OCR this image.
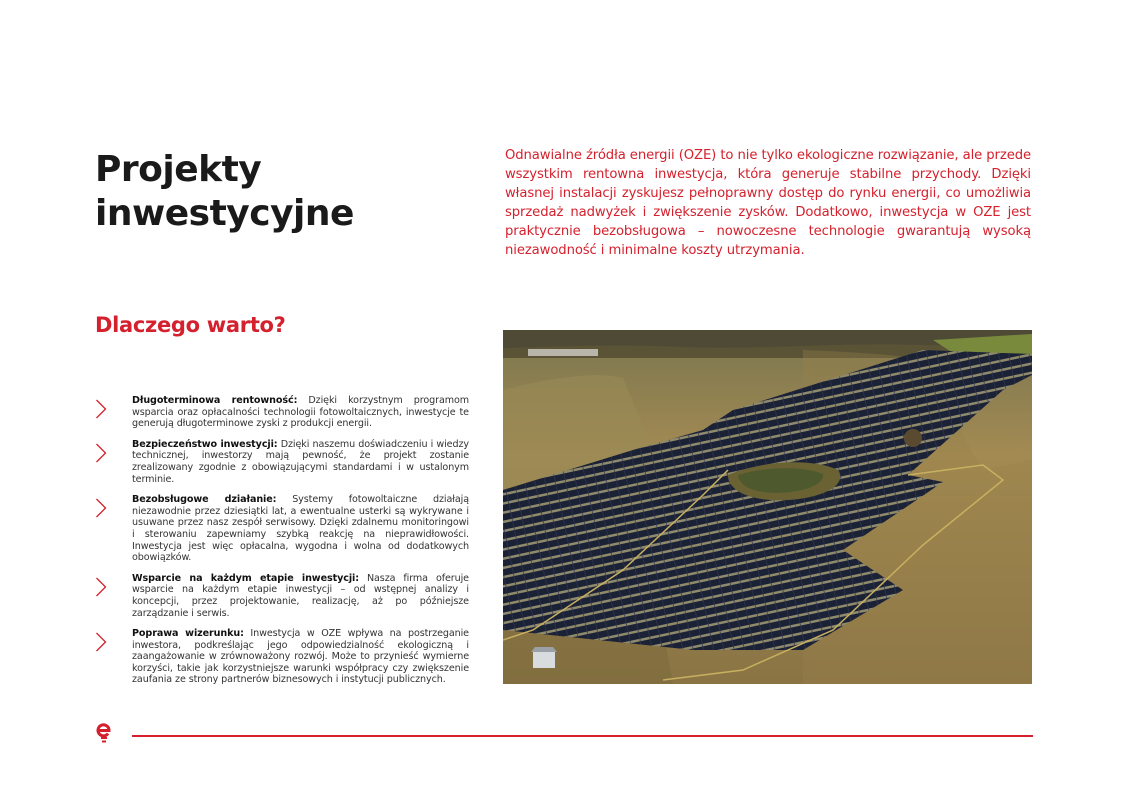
Projekty
inwestycyjne

Odnawialne źródła energii (OZE) to nie tylko ekologiczne rozwiązanie, ale przede wszystkim rentowna inwestycja, która generuje stabilne przychody. Dzięki własnej instalacji zyskujesz pełnoprawny dostęp do rynku energii, co umożliwia sprzedaż nadwyżek i zwiększenie zysków. Dodatkowo, inwestycja w OZE jest praktycznie bezobsługowa – nowoczesne technologie gwarantują wysoką niezawodność i minimalne koszty utrzymania.

Dlaczego warto?

Długoterminowa rentowność: Dzięki korzystnym programom wsparcia oraz opłacalności technologii fotowoltaicznych, inwestycje te generują długoterminowe zyski z produkcji energii.

Bezpieczeństwo inwestycji: Dzięki naszemu doświadczeniu i wiedzy technicznej, inwestorzy mają pewność, że projekt zostanie zrealizowany zgodnie z obowiązującymi standardami i w ustalonym terminie.

Bezobsługowe działanie: Systemy fotowoltaiczne działają niezawodnie przez dziesiątki lat, a ewentualne usterki są wykrywane i usuwane przez nasz zespół serwisowy. Dzięki zdalnemu monitoringowi i sterowaniu zapewniamy szybką reakcję na nieprawidłowości. Inwestycja jest więc opłacalna, wygodna i wolna od dodatkowych obowiązków.

Wsparcie na każdym etapie inwestycji: Nasza firma oferuje wsparcie na każdym etapie inwestycji – od wstępnej analizy i koncepcji, przez projektowanie, realizację, aż po późniejsze zarządzanie i serwis.

Poprawa wizerunku: Inwestycja w OZE wpływa na postrzeganie inwestora, podkreślając jego odpowiedzialność ekologiczną i zaangażowanie w zrównoważony rozwój. Może to przynieść wymierne korzyści, takie jak korzystniejsze warunki współpracy czy zwiększenie zaufania ze strony partnerów biznesowych i instytucji publicznych.
